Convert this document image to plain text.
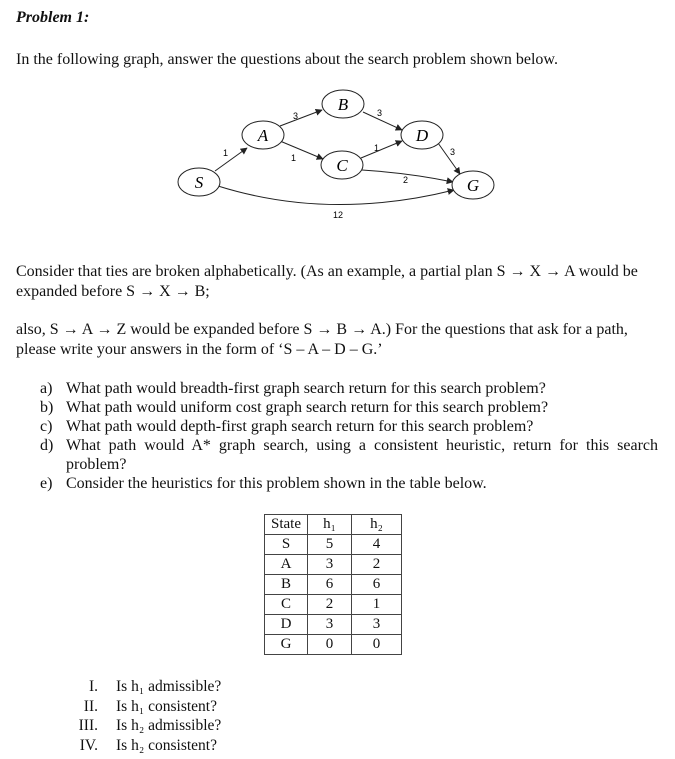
Problem 1:
In the following graph, answer the questions about the search problem shown below.
1
3
1
3
1	3
2
12
S
A
B
C
D
G
Consider that ties are broken alphabetically. (As an example, a partial plan S → X → A would be expanded before S → X → B;
also, S → A → Z would be expanded before S → B → A.) For the questions that ask for a path, please write your answers in the form of ‘S – A – D – G.’
a) What path would breadth-first graph search return for this search problem?
b) What path would uniform cost graph search return for this search problem?
c) What path would depth-first graph search return for this search problem?
d) What path would A* graph search, using a consistent heuristic, return for this search problem?
e) Consider the heuristics for this problem shown in the table below.
State	h₁	h₂
S	5	4
A	3	2
B	6	6
C	2	1
D	3	3
G	0	0
I. Is h₁ admissible?
II. Is h₁ consistent?
III. Is h₂ admissible?
IV. Is h₂ consistent?
